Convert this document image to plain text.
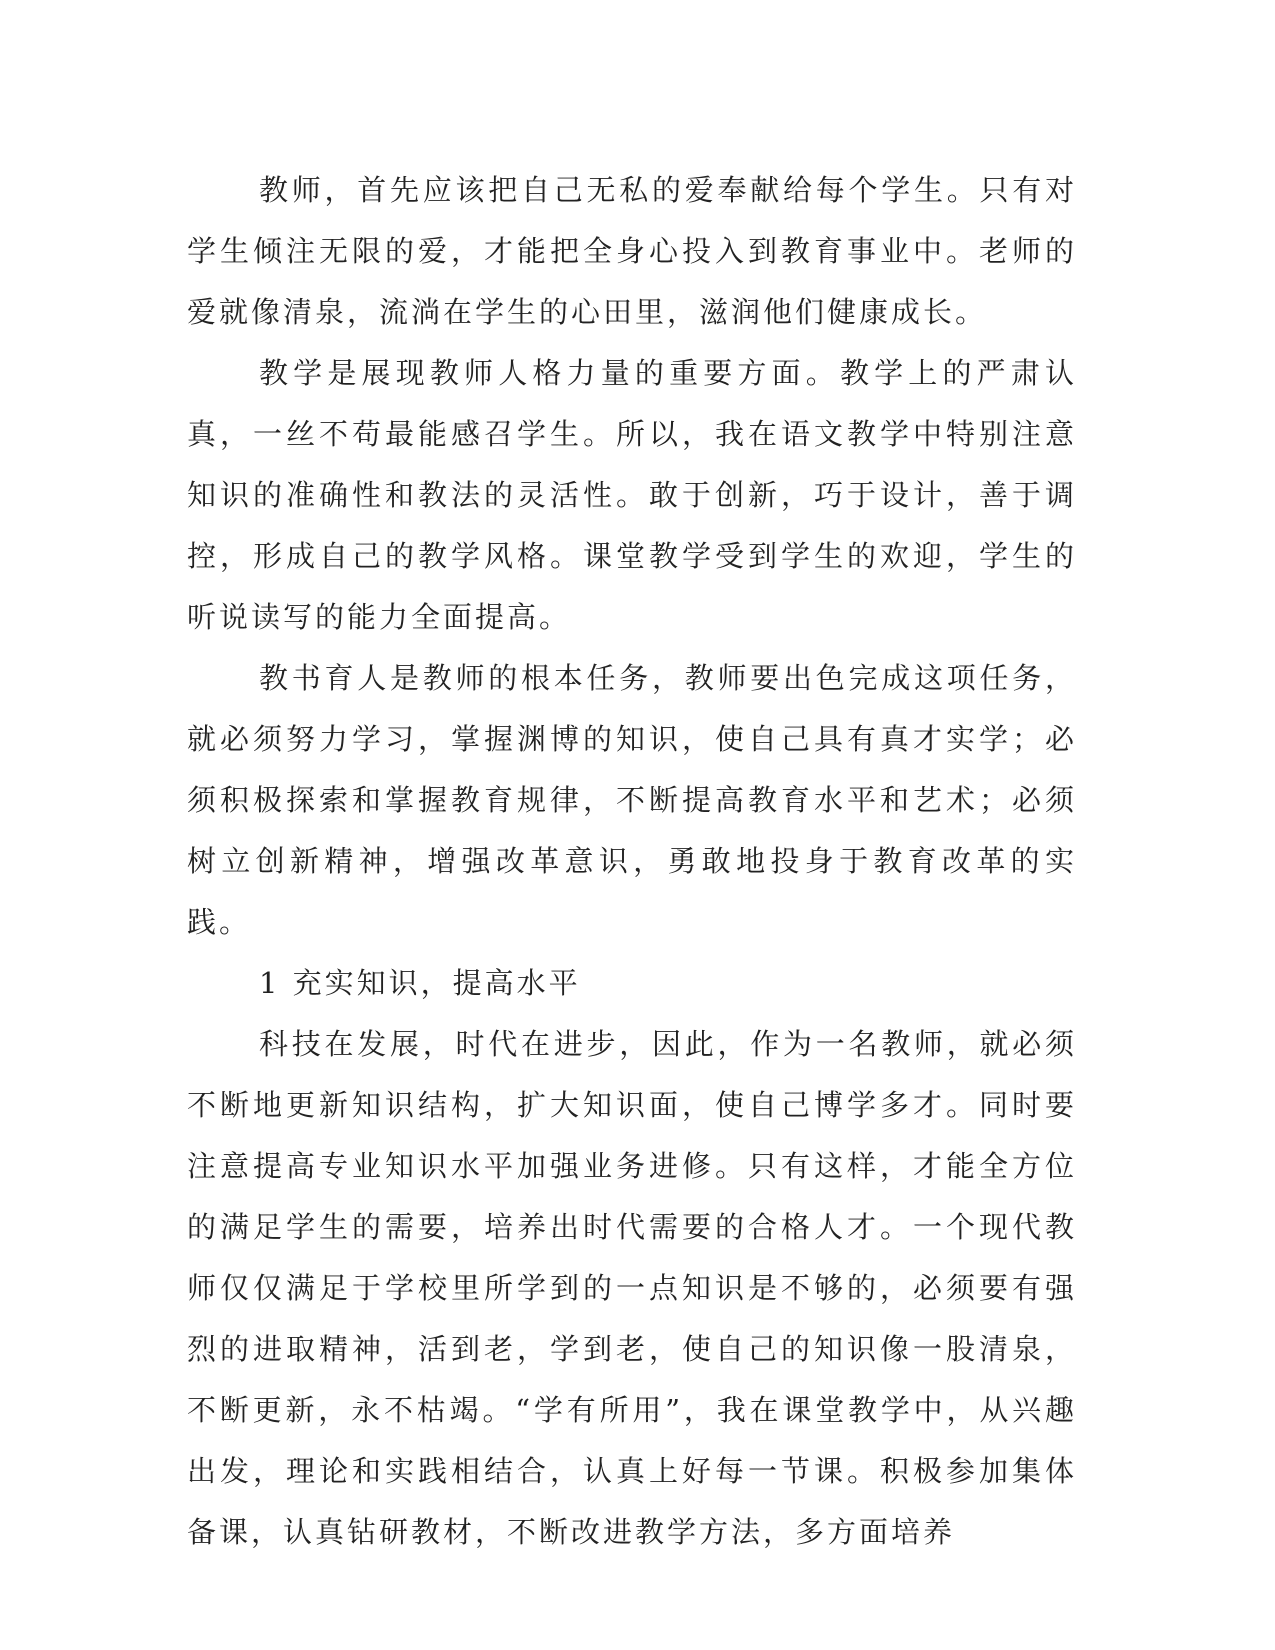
教师，首先应该把自己无私的爱奉献给每个学生。只有对学生倾注无限的爱，才能把全身心投入到教育事业中。老师的爱就像清泉，流淌在学生的心田里，滋润他们健康成长。

教学是展现教师人格力量的重要方面。教学上的严肃认真，一丝不苟最能感召学生。所以，我在语文教学中特别注意知识的准确性和教法的灵活性。敢于创新，巧于设计，善于调控，形成自己的教学风格。课堂教学受到学生的欢迎，学生的听说读写的能力全面提高。

教书育人是教师的根本任务，教师要出色完成这项任务，就必须努力学习，掌握渊博的知识，使自己具有真才实学；必须积极探索和掌握教育规律，不断提高教育水平和艺术；必须树立创新精神，增强改革意识，勇敢地投身于教育改革的实践。

1 充实知识，提高水平

科技在发展，时代在进步，因此，作为一名教师，就必须不断地更新知识结构，扩大知识面，使自己博学多才。同时要注意提高专业知识水平加强业务进修。只有这样，才能全方位的满足学生的需要，培养出时代需要的合格人才。一个现代教师仅仅满足于学校里所学到的一点知识是不够的，必须要有强烈的进取精神，活到老，学到老，使自己的知识像一股清泉，不断更新，永不枯竭。“学有所用”，我在课堂教学中，从兴趣出发，理论和实践相结合，认真上好每一节课。积极参加集体备课，认真钻研教材，不断改进教学方法，多方面培养
